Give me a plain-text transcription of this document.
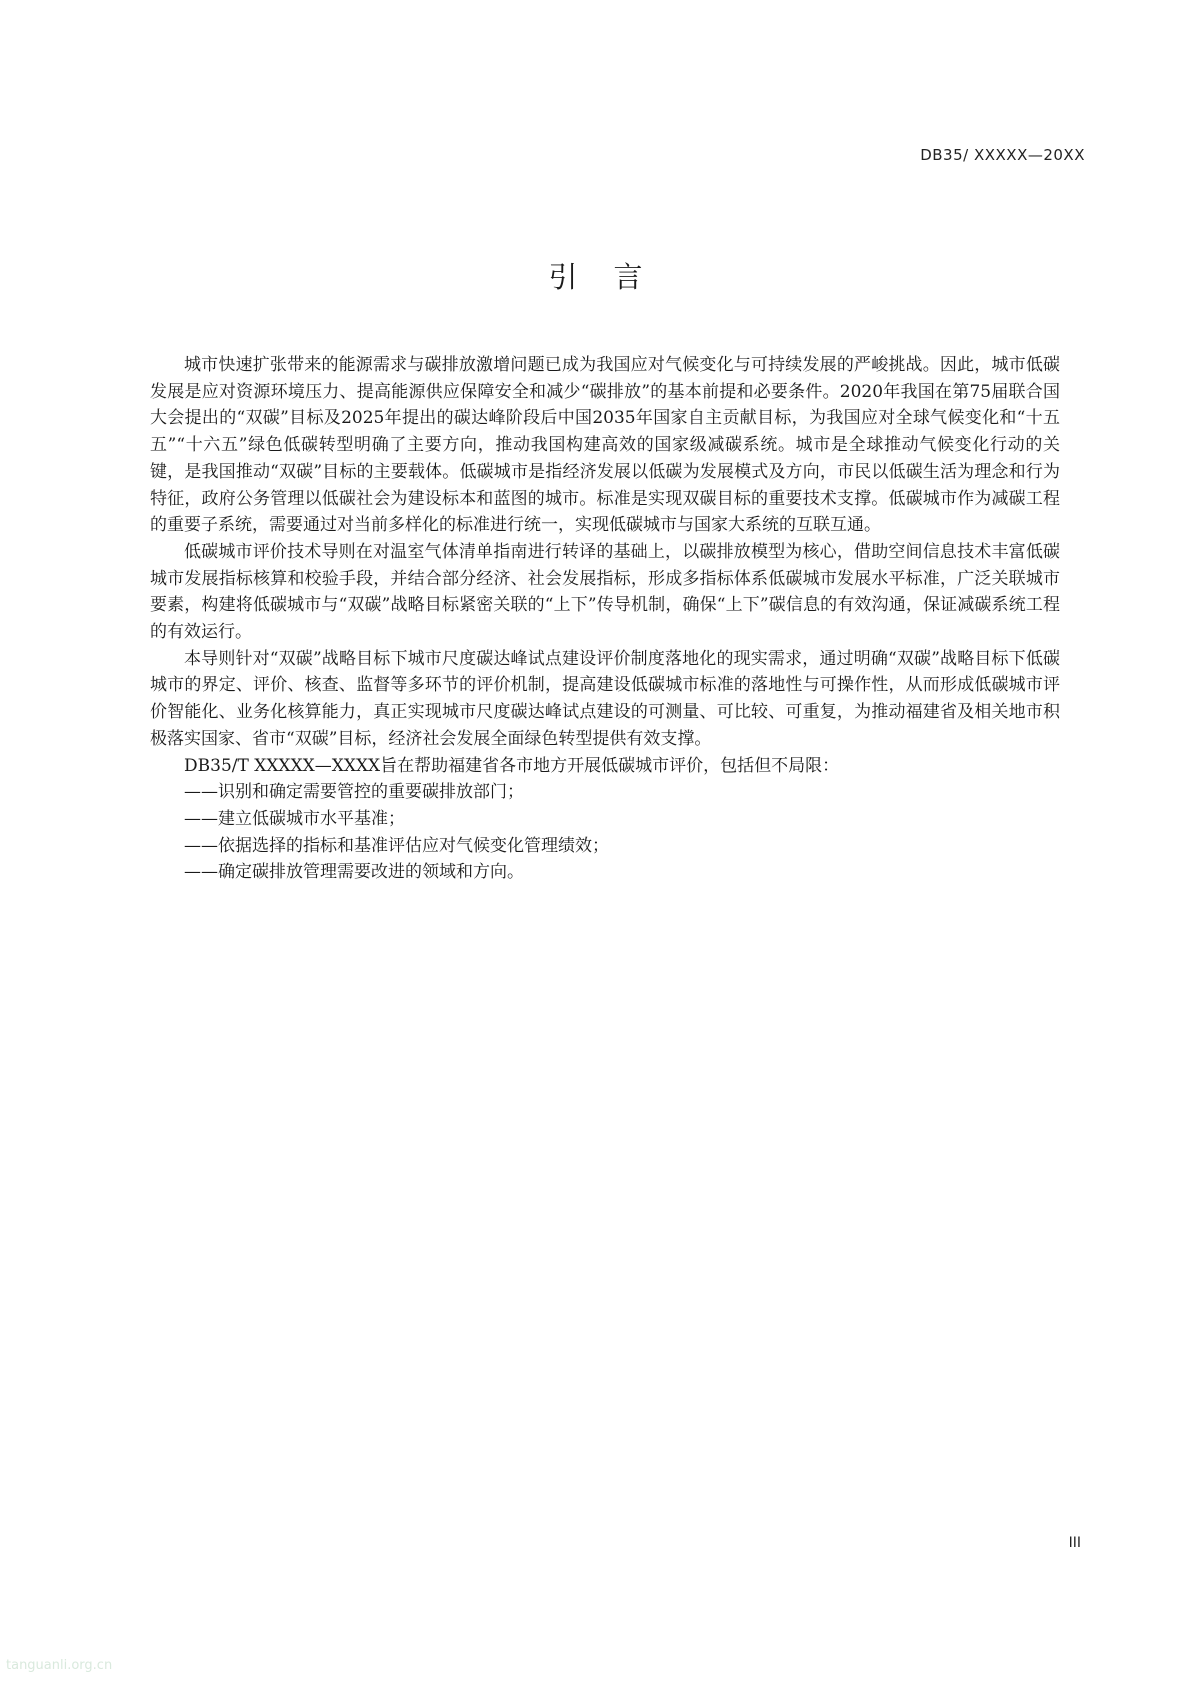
DB35/ XXXXX—20XX
引言

城市快速扩张带来的能源需求与碳排放激增问题已成为我国应对气候变化与可持续发展的严峻挑战。因此，城市低碳发展是应对资源环境压力、提高能源供应保障安全和减少“碳排放”的基本前提和必要条件。2020年我国在第75届联合国大会提出的“双碳”目标及2025年提出的碳达峰阶段后中国2035年国家自主贡献目标，为我国应对全球气候变化和“十五五”“十六五”绿色低碳转型明确了主要方向，推动我国构建高效的国家级减碳系统。城市是全球推动气候变化行动的关键，是我国推动“双碳”目标的主要载体。低碳城市是指经济发展以低碳为发展模式及方向，市民以低碳生活为理念和行为特征，政府公务管理以低碳社会为建设标本和蓝图的城市。标准是实现双碳目标的重要技术支撑。低碳城市作为减碳工程的重要子系统，需要通过对当前多样化的标准进行统一，实现低碳城市与国家大系统的互联互通。

低碳城市评价技术导则在对温室气体清单指南进行转译的基础上，以碳排放模型为核心，借助空间信息技术丰富低碳城市发展指标核算和校验手段，并结合部分经济、社会发展指标，形成多指标体系低碳城市发展水平标准，广泛关联城市要素，构建将低碳城市与“双碳”战略目标紧密关联的“上下”传导机制，确保“上下”碳信息的有效沟通，保证减碳系统工程的有效运行。

本导则针对“双碳”战略目标下城市尺度碳达峰试点建设评价制度落地化的现实需求，通过明确“双碳”战略目标下低碳城市的界定、评价、核查、监督等多环节的评价机制，提高建设低碳城市标准的落地性与可操作性，从而形成低碳城市评价智能化、业务化核算能力，真正实现城市尺度碳达峰试点建设的可测量、可比较、可重复，为推动福建省及相关地市积极落实国家、省市“双碳”目标，经济社会发展全面绿色转型提供有效支撑。

DB35/T XXXXX—XXXX旨在帮助福建省各市地方开展低碳城市评价，包括但不局限：

——识别和确定需要管控的重要碳排放部门；
——建立低碳城市水平基准；
——依据选择的指标和基准评估应对气候变化管理绩效；
——确定碳排放管理需要改进的领域和方向。
III
tanguanli.org.cn
